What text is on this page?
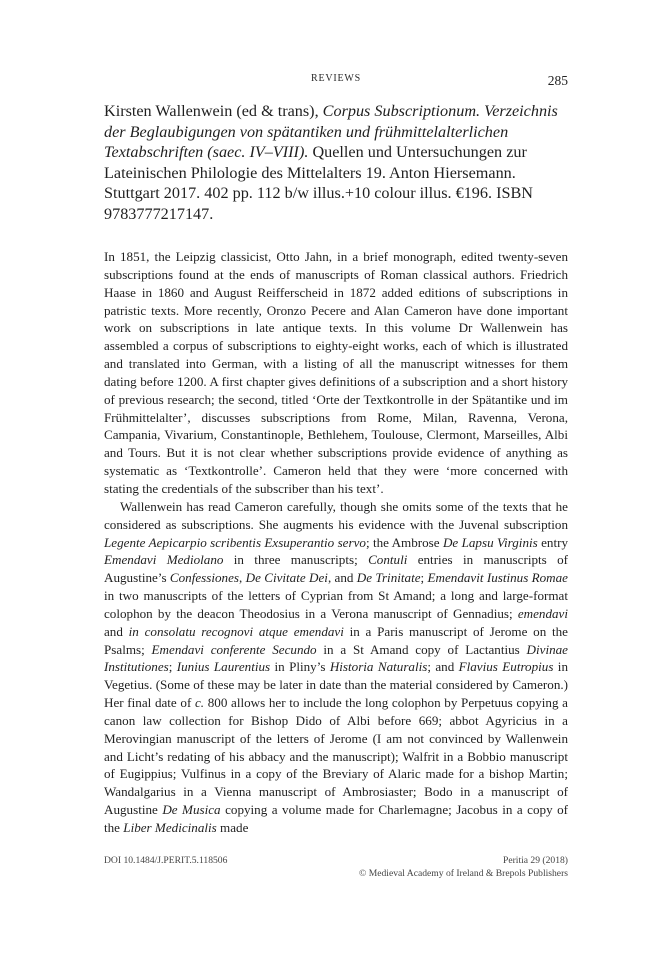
REVIEWS	285
Kirsten Wallenwein (ed & trans), Corpus Subscriptionum. Verzeichnis der Beglaubigungen von spätantiken und frühmittelalterlichen Textabschriften (saec. IV–VIII). Quellen und Untersuchungen zur Lateinischen Philologie des Mittelalters 19. Anton Hiersemann. Stuttgart 2017. 402 pp. 112 b/w illus.+10 colour illus. €196. ISBN 9783777217147.

In 1851, the Leipzig classicist, Otto Jahn, in a brief monograph, edited twenty-seven subscriptions found at the ends of manuscripts of Roman classical authors. Friedrich Haase in 1860 and August Reifferscheid in 1872 added editions of subscriptions in patristic texts. More recently, Oronzo Pecere and Alan Cameron have done important work on subscriptions in late antique texts. In this volume Dr Wallenwein has assembled a corpus of subscriptions to eighty-eight works, each of which is illustrated and translated into German, with a listing of all the manuscript witnesses for them dating before 1200. A first chapter gives definitions of a subscription and a short history of previous research; the second, titled ‘Orte der Textkontrolle in der Spätantike und im Frühmittelalter’, discusses subscriptions from Rome, Milan, Ravenna, Verona, Campania, Vivarium, Constantinople, Bethlehem, Toulouse, Clermont, Marseilles, Albi and Tours. But it is not clear whether subscriptions provide evidence of anything as systematic as ‘Textkontrolle’. Cameron held that they were ‘more concerned with stating the credentials of the subscriber than his text’.

Wallenwein has read Cameron carefully, though she omits some of the texts that he considered as subscriptions. She augments his evidence with the Juvenal subscription Legente Aepicarpio scribentis Exsuperantio servo; the Ambrose De Lapsu Virginis entry Emendavi Mediolano in three manuscripts; Contuli entries in manuscripts of Augustine’s Confessiones, De Civitate Dei, and De Trinitate; Emendavit Iustinus Romae in two manuscripts of the letters of Cyprian from St Amand; a long and large-format colophon by the deacon Theodosius in a Verona manuscript of Gennadius; emendavi and in consolatu recognovi atque emendavi in a Paris manuscript of Jerome on the Psalms; Emendavi conferente Secundo in a St Amand copy of Lactantius Divinae Institutiones; Iunius Laurentius in Pliny’s Historia Naturalis; and Flavius Eutropius in Vegetius. (Some of these may be later in date than the material considered by Cameron.) Her final date of c. 800 allows her to include the long colophon by Perpetuus copying a canon law collection for Bishop Dido of Albi before 669; abbot Agyricius in a Merovingian manuscript of the letters of Jerome (I am not convinced by Wallenwein and Licht’s redating of his abbacy and the manuscript); Walfrit in a Bobbio manuscript of Eugippius; Vulfinus in a copy of the Breviary of Alaric made for a bishop Martin; Wandalgarius in a Vienna manuscript of Ambrosiaster; Bodo in a manuscript of Augustine De Musica copying a volume made for Charlemagne; Jacobus in a copy of the Liber Medicinalis made

DOI 10.1484/J.PERIT.5.118506	Peritia 29 (2018)
© Medieval Academy of Ireland & Brepols Publishers
